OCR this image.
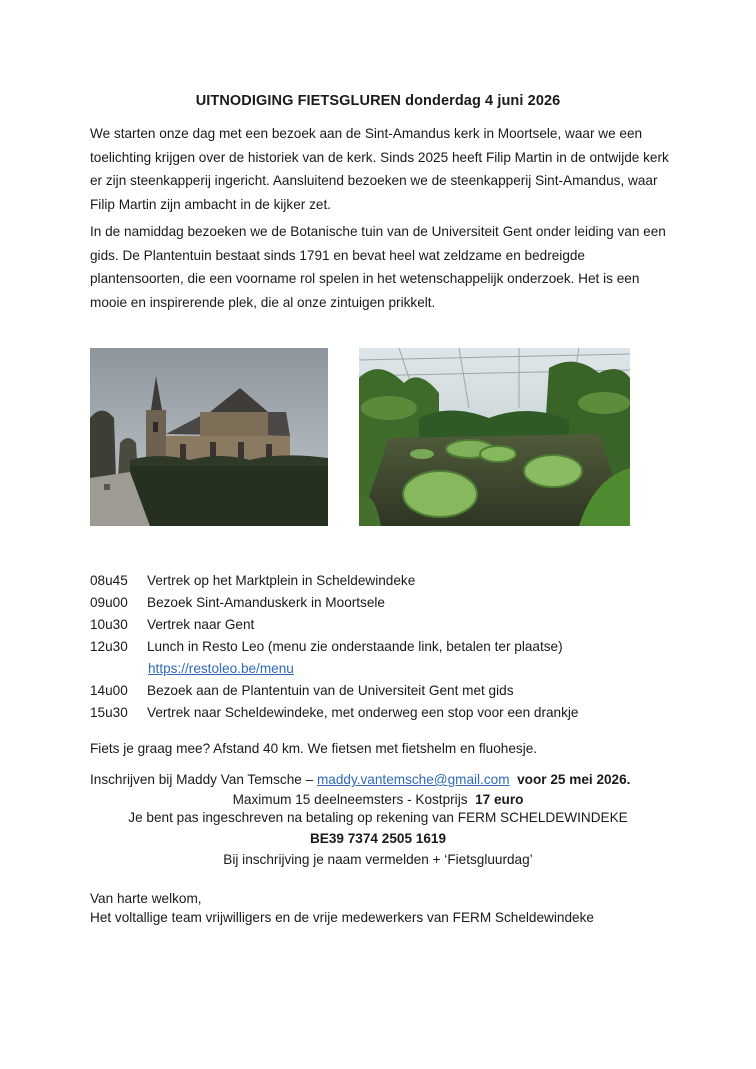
UITNODIGING FIETSGLUREN donderdag 4 juni 2026
We starten onze dag met een bezoek aan de Sint-Amandus kerk in Moortsele, waar we een toelichting krijgen over de historiek van de kerk. Sinds 2025 heeft Filip Martin in de ontwijde kerk er zijn steenkapperij ingericht. Aansluitend bezoeken we de steenkapperij Sint-Amandus, waar Filip Martin zijn ambacht in de kijker zet.
In de namiddag bezoeken we de Botanische tuin van de Universiteit Gent onder leiding van een gids. De Plantentuin bestaat sinds 1791 en bevat heel wat zeldzame en bedreigde plantensoorten, die een voorname rol spelen in het wetenschappelijk onderzoek. Het is een mooie en inspirerende plek, die al onze zintuigen prikkelt.
08u45	Vertrek op het Marktplein in Scheldewindeke
09u00	Bezoek Sint-Amanduskerk in Moortsele
10u30	Vertrek naar Gent
12u30	Lunch in Resto Leo (menu zie onderstaande link, betalen ter plaatse)
https://restoleo.be/menu
14u00	Bezoek aan de Plantentuin van de Universiteit Gent met gids
15u30	Vertrek naar Scheldewindeke, met onderweg een stop voor een drankje
Fiets je graag mee? Afstand 40 km. We fietsen met fietshelm en fluohesje.
Inschrijven bij Maddy Van Temsche – maddy.vantemsche@gmail.com voor 25 mei 2026.
Maximum 15 deelneemsters - Kostprijs  17 euro
Je bent pas ingeschreven na betaling op rekening van FERM SCHELDEWINDEKE
BE39 7374 2505 1619
Bij inschrijving je naam vermelden + ‘Fietsgluurdag’
Van harte welkom,
Het voltallige team vrijwilligers en de vrije medewerkers van FERM Scheldewindeke
